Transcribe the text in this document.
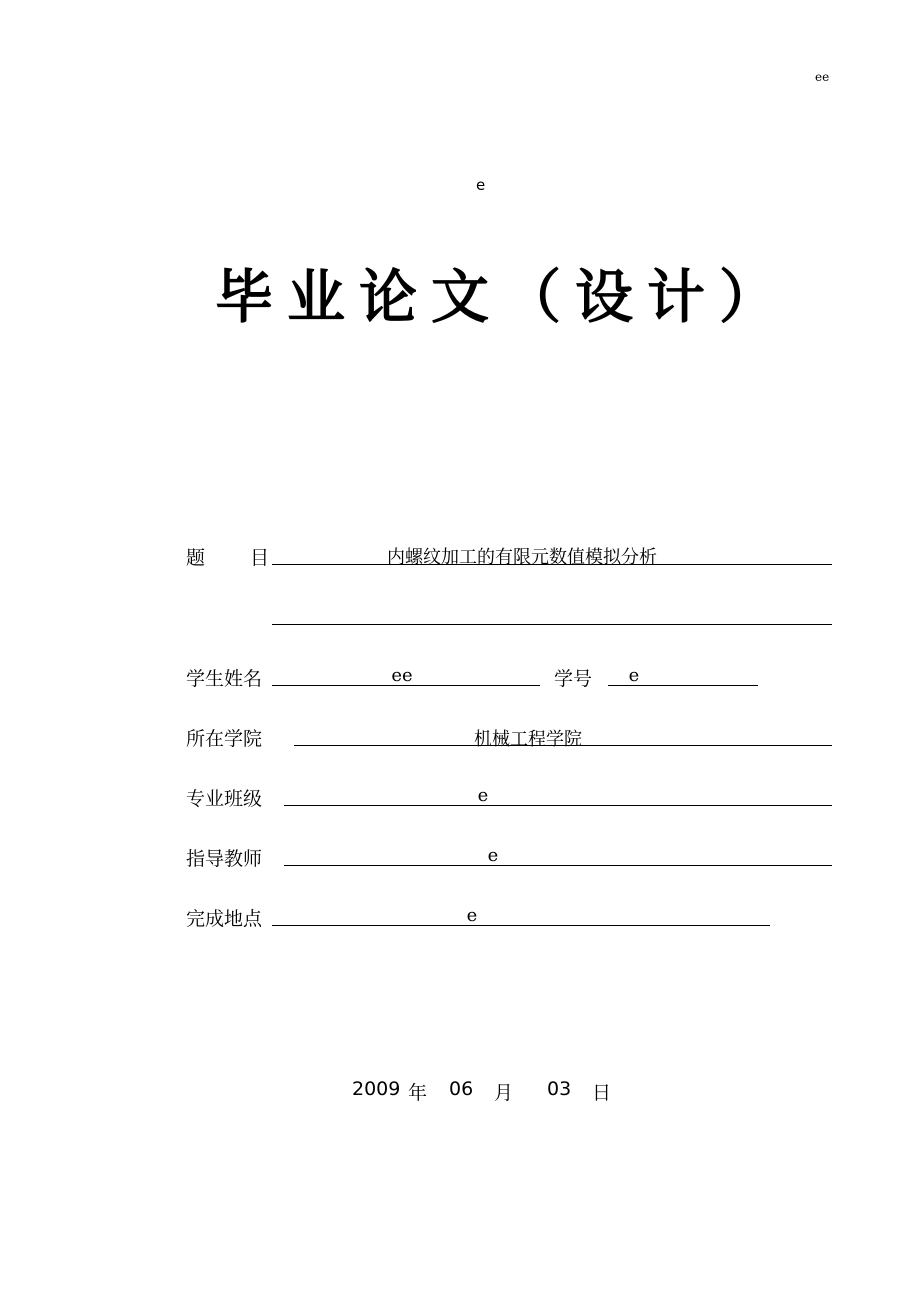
ee
e
毕业论文（设计）
题 目	内螺纹加工的有限元数值模拟分析
学生姓名	ee	学号	e
所在学院	机械工程学院
专业班级	e
指导教师	e
完成地点	e
2009 年 06 月 03 日
